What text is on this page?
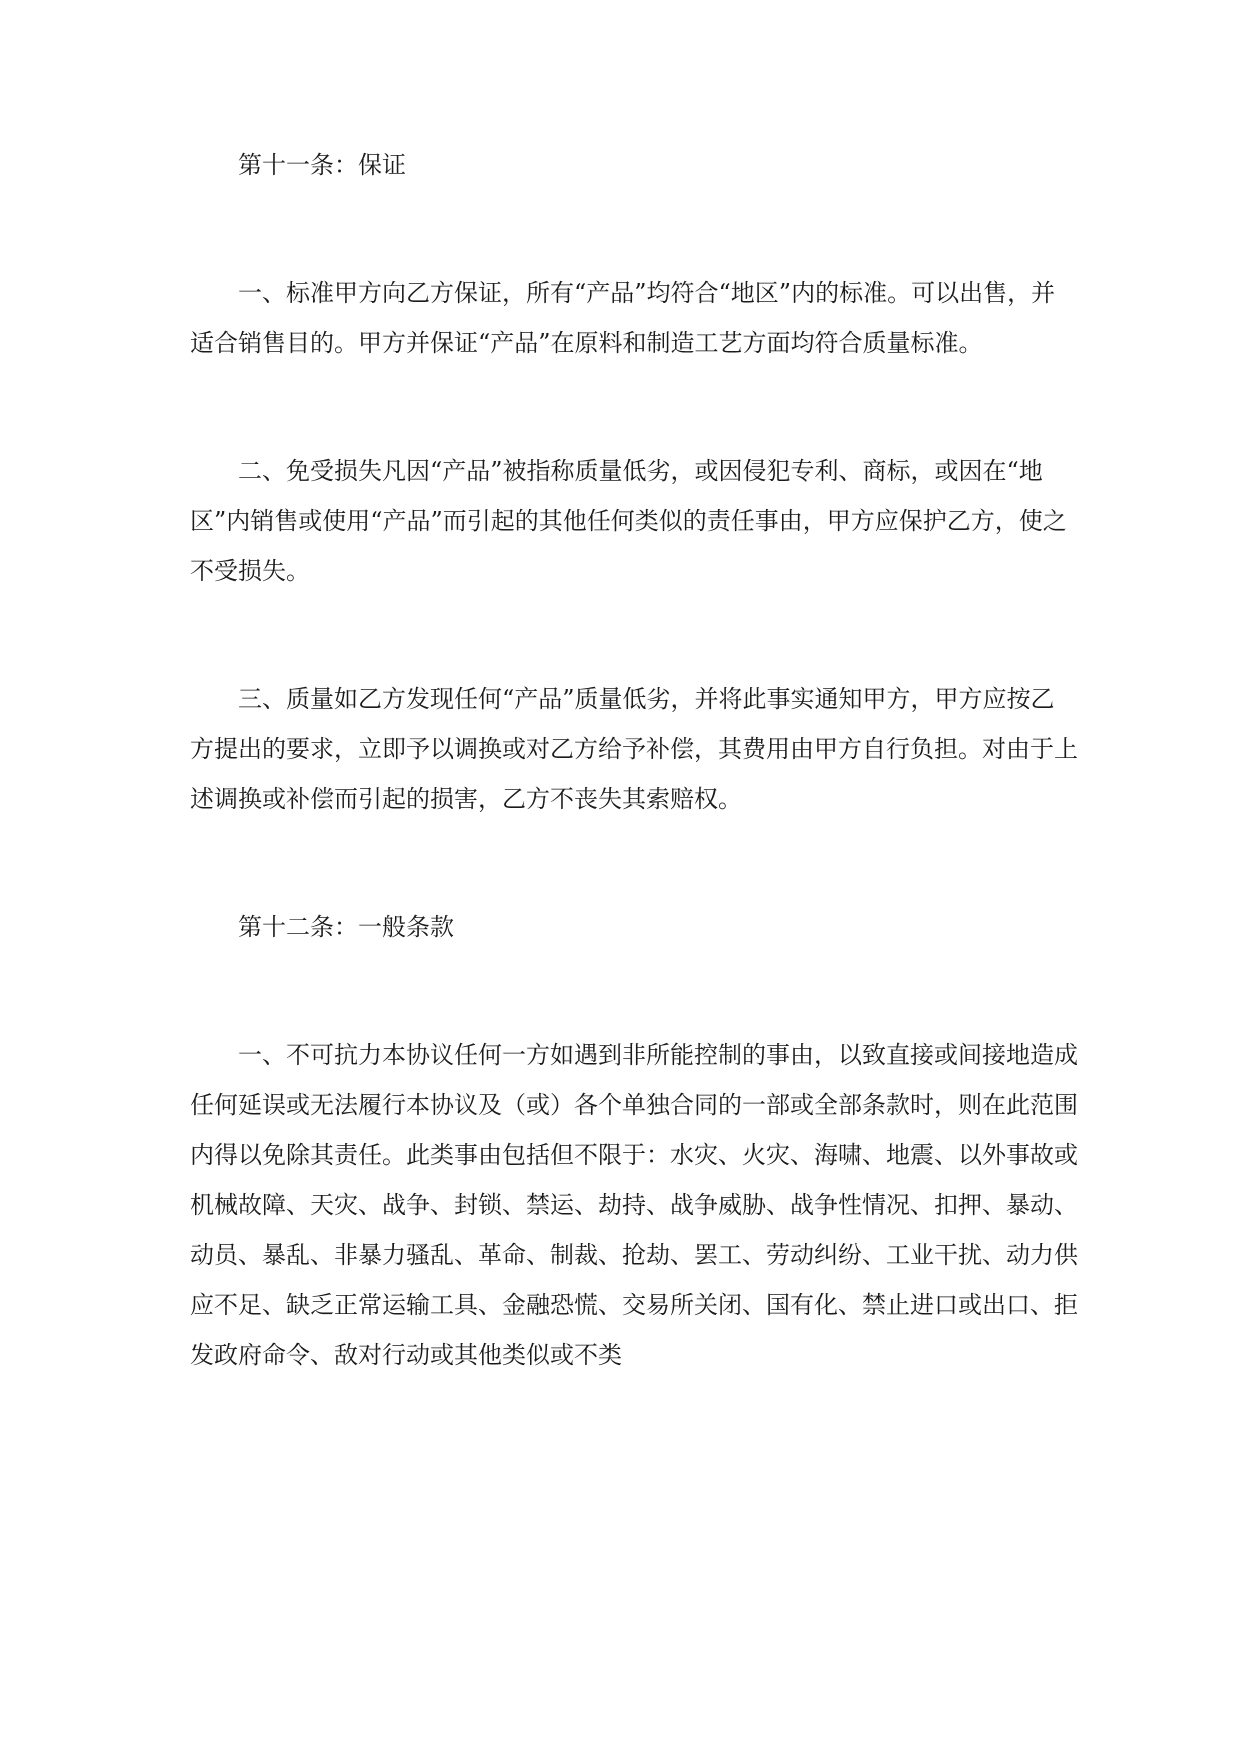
第十一条：保证

一、标准甲方向乙方保证，所有“产品”均符合“地区”内的标准。可以出售，并适合销售目的。甲方并保证“产品”在原料和制造工艺方面均符合质量标准。

二、免受损失凡因“产品”被指称质量低劣，或因侵犯专利、商标，或因在“地区”内销售或使用“产品”而引起的其他任何类似的责任事由，甲方应保护乙方，使之不受损失。

三、质量如乙方发现任何“产品”质量低劣，并将此事实通知甲方，甲方应按乙方提出的要求，立即予以调换或对乙方给予补偿，其费用由甲方自行负担。对由于上述调换或补偿而引起的损害，乙方不丧失其索赔权。

第十二条：一般条款

一、不可抗力本协议任何一方如遇到非所能控制的事由，以致直接或间接地造成任何延误或无法履行本协议及（或）各个单独合同的一部或全部条款时，则在此范围内得以免除其责任。此类事由包括但不限于：水灾、火灾、海啸、地震、以外事故或机械故障、天灾、战争、封锁、禁运、劫持、战争威胁、战争性情况、扣押、暴动、动员、暴乱、非暴力骚乱、革命、制裁、抢劫、罢工、劳动纠纷、工业干扰、动力供应不足、缺乏正常运输工具、金融恐慌、交易所关闭、国有化、禁止进口或出口、拒发政府命令、敌对行动或其他类似或不类
